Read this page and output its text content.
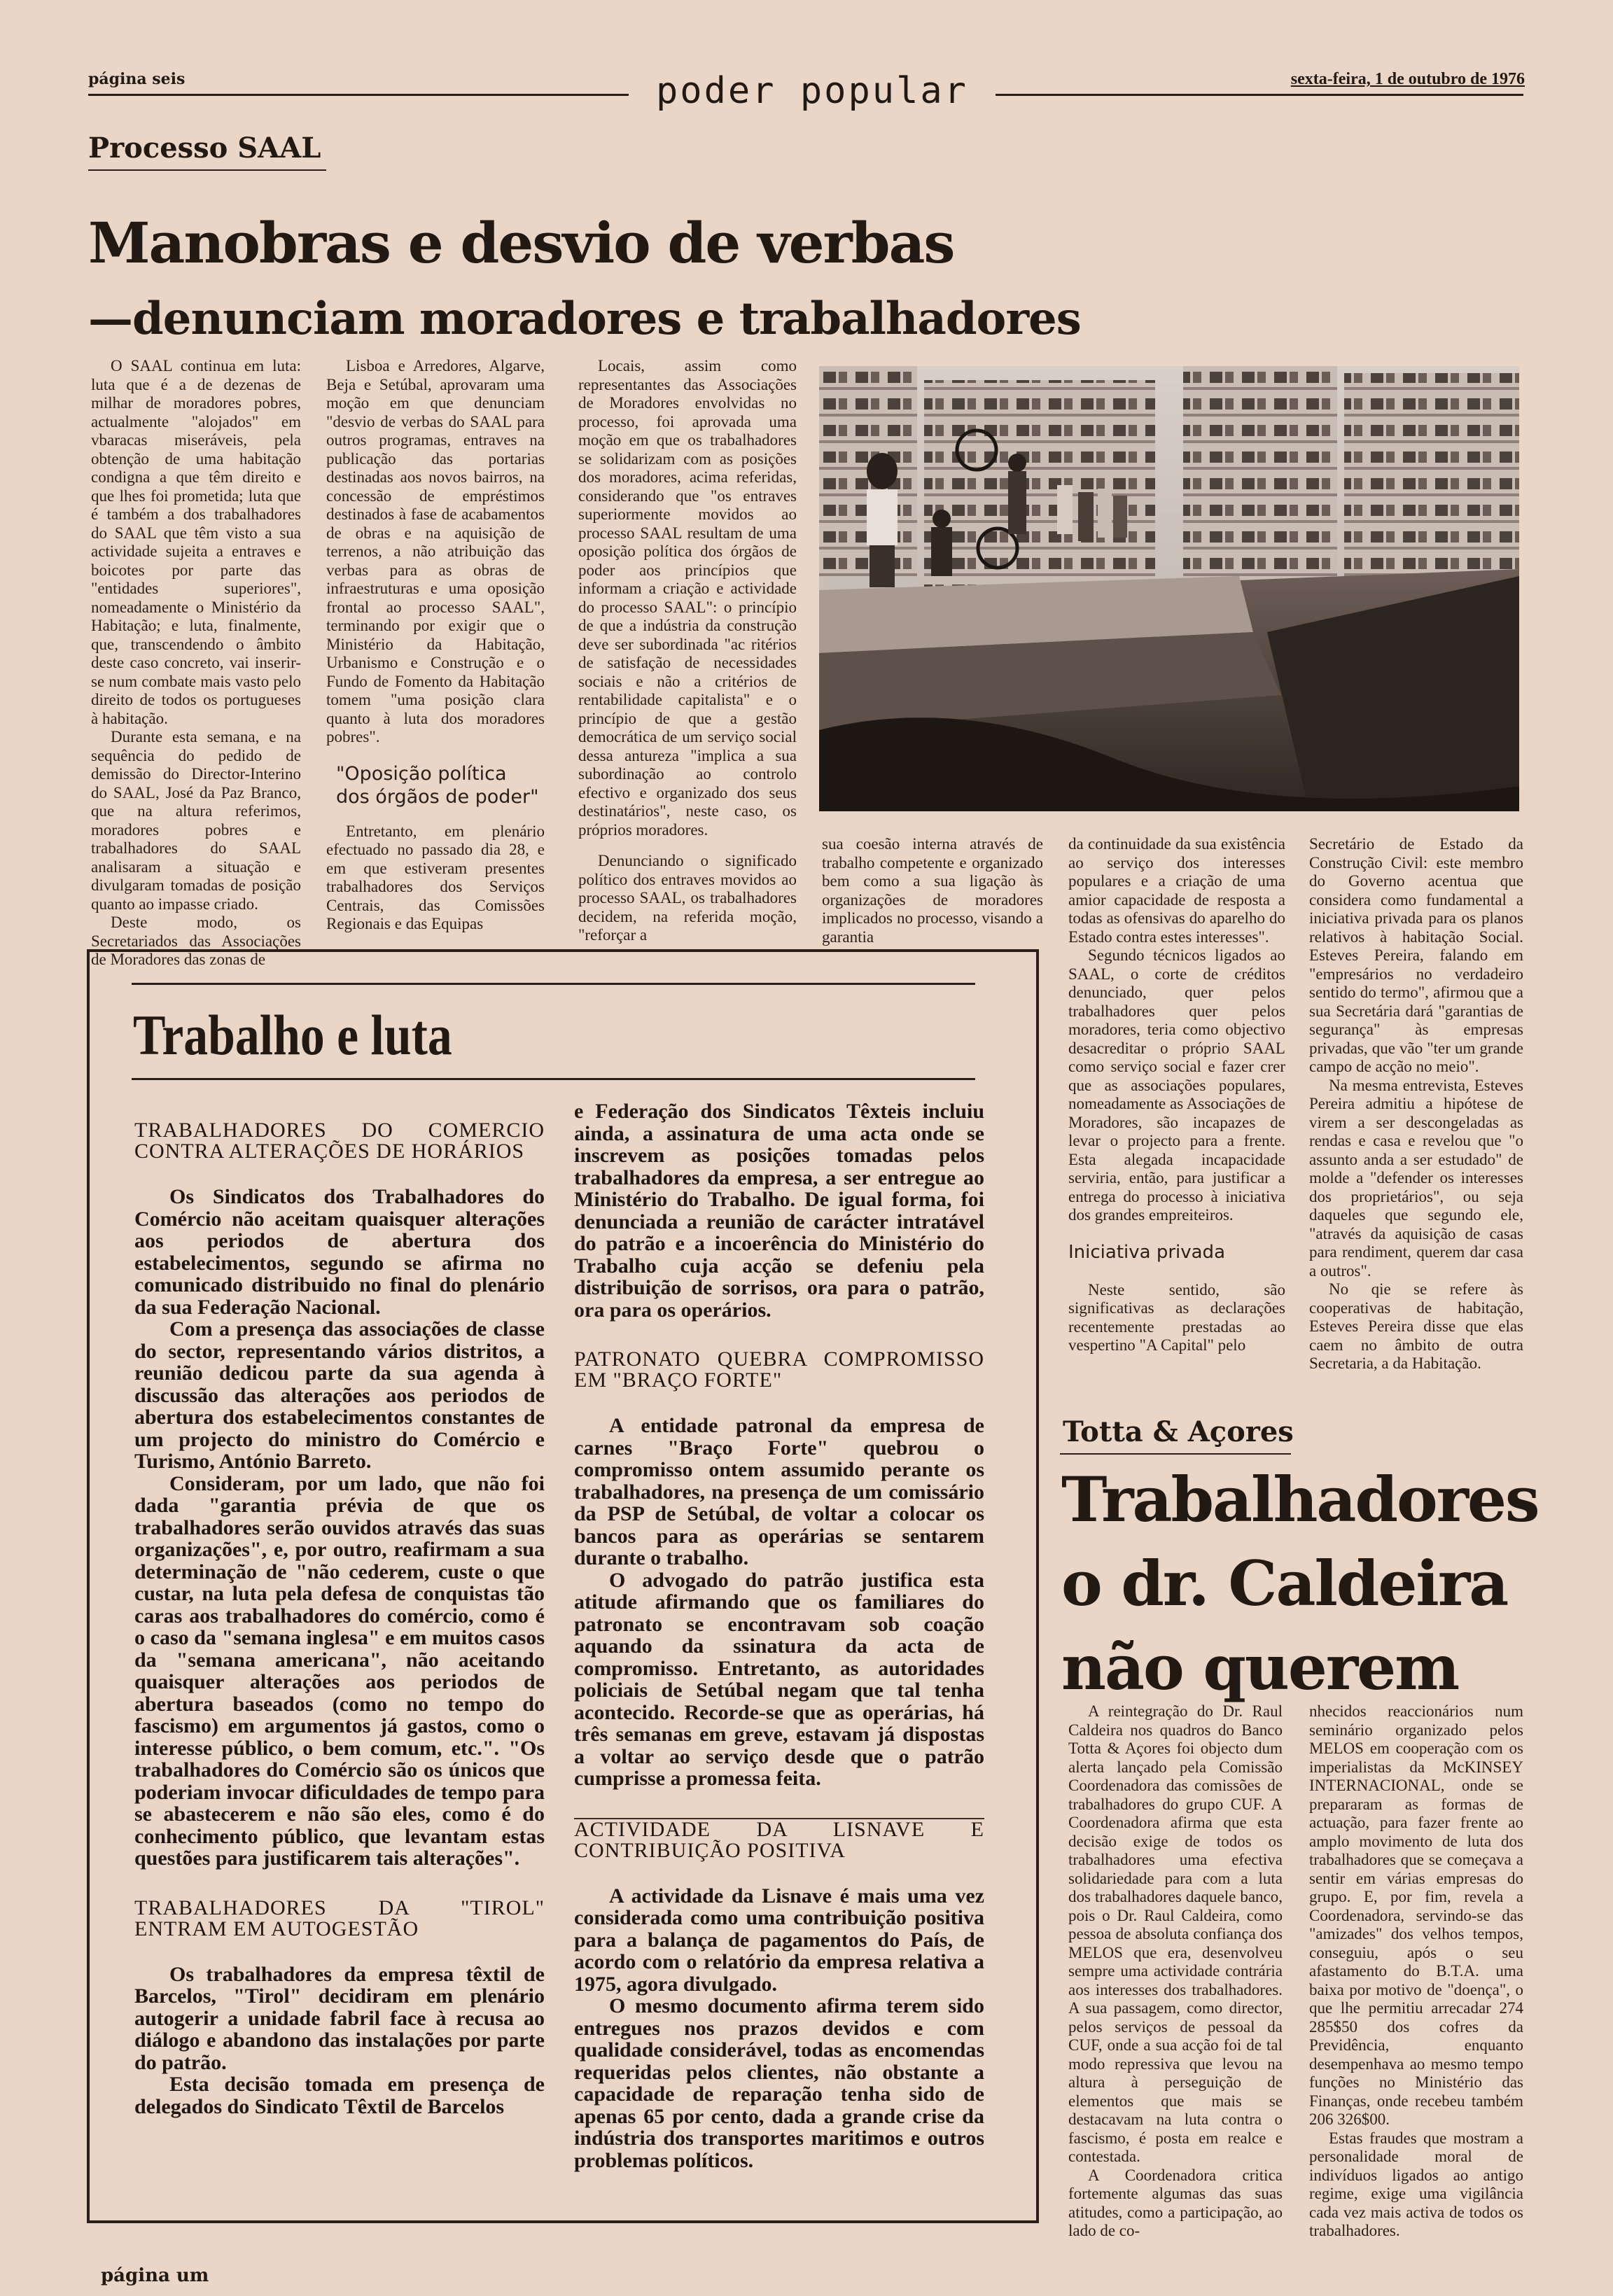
página seis	poder popular	sexta-feira, 1 de outubro de 1976
Processo SAAL
Manobras e desvio de verbas
—denunciam moradores e trabalhadores

O SAAL continua em luta: luta que é a de dezenas de milhar de moradores pobres, actualmente "alojados" em vbaracas miseráveis, pela obtenção de uma habitação condigna a que têm direito e que lhes foi prometida; luta que é também a dos trabalhadores do SAAL que têm visto a sua actividade sujeita a entraves e boicotes por parte das "entidades superiores", nomeadamente o Ministério da Habitação; e luta, finalmente, que, transcendendo o âmbito deste caso concreto, vai inserir-se num combate mais vasto pelo direito de todos os portugueses à habitação.

Durante esta semana, e na sequência do pedido de demissão do Director-Interino do SAAL, José da Paz Branco, que na altura referimos, moradores pobres e trabalhadores do SAAL analisaram a situação e divulgaram tomadas de posição quanto ao impasse criado.

Deste modo, os Secretariados das Associações de Moradores das zonas de

Lisboa e Arredores, Algarve, Beja e Setúbal, aprovaram uma moção em que denunciam "desvio de verbas do SAAL para outros programas, entraves na publicação das portarias destinadas aos novos bairros, na concessão de empréstimos destinados à fase de acabamentos de obras e na aquisição de terrenos, a não atribuição das verbas para as obras de infraestruturas e uma oposição frontal ao processo SAAL", terminando por exigir que o Ministério da Habitação, Urbanismo e Construção e o Fundo de Fomento da Habitação tomem "uma posição clara quanto à luta dos moradores pobres".

"Oposição política dos órgãos de poder"

Entretanto, em plenário efectuado no passado dia 28, e em que estiveram presentes trabalhadores dos Serviços Centrais, das Comissões Regionais e das Equipas

Locais, assim como representantes das Associações de Moradores envolvidas no processo, foi aprovada uma moção em que os trabalhadores se solidarizam com as posições dos moradores, acima referidas, considerando que "os entraves superiormente movidos ao processo SAAL resultam de uma oposição política dos órgãos de poder aos princípios que informam a criação e actividade do processo SAAL": o princípio de que a indústria da construção deve ser subordinada "ac ritérios de satisfação de necessidades sociais e não a critérios de rentabilidade capitalista" e o princípio de que a gestão democrática de um serviço social dessa antureza "implica a sua subordinação ao controlo efectivo e organizado dos seus destinatários", neste caso, os próprios moradores.

Denunciando o significado político dos entraves movidos ao processo SAAL, os trabalhadores decidem, na referida moção, "reforçar a

sua coesão interna através de trabalho competente e organizado bem como a sua ligação às organizações de moradores implicados no processo, visando a garantia

da continuidade da sua existência ao serviço dos interesses populares e a criação de uma amior capacidade de resposta a todas as ofensivas do aparelho do Estado contra estes interesses".

Segundo técnicos ligados ao SAAL, o corte de créditos denunciado, quer pelos trabalhadores quer pelos moradores, teria como objectivo desacreditar o próprio SAAL como serviço social e fazer crer que as associações populares, nomeadamente as Associações de Moradores, são incapazes de levar o projecto para a frente. Esta alegada incapacidade serviria, então, para justificar a entrega do processo à iniciativa dos grandes empreiteiros.

Iniciativa privada

Neste sentido, são significativas as declarações recentemente prestadas ao vespertino "A Capital" pelo

Secretário de Estado da Construção Civil: este membro do Governo acentua que considera como fundamental a iniciativa privada para os planos relativos à habitação Social. Esteves Pereira, falando em "empresários no verdadeiro sentido do termo", afirmou que a sua Secretária dará "garantias de segurança" às empresas privadas, que vão "ter um grande campo de acção no meio".

Na mesma entrevista, Esteves Pereira admitiu a hipótese de virem a ser descongeladas as rendas e casa e revelou que "o assunto anda a ser estudado" de molde a "defender os interesses dos proprietários", ou seja daqueles que segundo ele, "através da aquisição de casas para rendiment, querem dar casa a outros".

No qie se refere às cooperativas de habitação, Esteves Pereira disse que elas caem no âmbito de outra Secretaria, a da Habitação.

Trabalho e luta
TRABALHADORES DO COMERCIO CONTRA ALTERAÇÕES DE HORÁRIOS

Os Sindicatos dos Trabalhadores do Comércio não aceitam quaisquer alterações aos periodos de abertura dos estabelecimentos, segundo se afirma no comunicado distribuido no final do plenário da sua Federação Nacional.

Com a presença das associações de classe do sector, representando vários distritos, a reunião dedicou parte da sua agenda à discussão das alterações aos periodos de abertura dos estabelecimentos constantes de um projecto do ministro do Comércio e Turismo, António Barreto.

Consideram, por um lado, que não foi dada "garantia prévia de que os trabalhadores serão ouvidos através das suas organizações", e, por outro, reafirmam a sua determinação de "não cederem, custe o que custar, na luta pela defesa de conquistas tão caras aos trabalhadores do comércio, como é o caso da "semana inglesa" e em muitos casos da "semana americana", não aceitando quaisquer alterações aos periodos de abertura baseados (como no tempo do fascismo) em argumentos já gastos, como o interesse público, o bem comum, etc.". "Os trabalhadores do Comércio são os únicos que poderiam invocar dificuldades de tempo para se abastecerem e não são eles, como é do conhecimento público, que levantam estas questões para justificarem tais alterações".

TRABALHADORES DA "TIROL" ENTRAM EM AUTOGESTÃO

Os trabalhadores da empresa têxtil de Barcelos, "Tirol" decidiram em plenário autogerir a unidade fabril face à recusa ao diálogo e abandono das instalações por parte do patrão.

Esta decisão tomada em presença de delegados do Sindicato Têxtil de Barcelos

e Federação dos Sindicatos Têxteis incluiu ainda, a assinatura de uma acta onde se inscrevem as posições tomadas pelos trabalhadores da empresa, a ser entregue ao Ministério do Trabalho. De igual forma, foi denunciada a reunião de carácter intratável do patrão e a incoerência do Ministério do Trabalho cuja acção se defeniu pela distribuição de sorrisos, ora para o patrão, ora para os operários.

PATRONATO QUEBRA COMPROMISSO EM "BRAÇO FORTE"

A entidade patronal da empresa de carnes "Braço Forte" quebrou o compromisso ontem assumido perante os trabalhadores, na presença de um comissário da PSP de Setúbal, de voltar a colocar os bancos para as operárias se sentarem durante o trabalho.

O advogado do patrão justifica esta atitude afirmando que os familiares do patronato se encontravam sob coação aquando da ssinatura da acta de compromisso. Entretanto, as autoridades policiais de Setúbal negam que tal tenha acontecido. Recorde-se que as operárias, há três semanas em greve, estavam já dispostas a voltar ao serviço desde que o patrão cumprisse a promessa feita.

ACTIVIDADE DA LISNAVE E CONTRIBUIÇÃO POSITIVA

A actividade da Lisnave é mais uma vez considerada como uma contribuição positiva para a balança de pagamentos do País, de acordo com o relatório da empresa relativa a 1975, agora divulgado.

O mesmo documento afirma terem sido entregues nos prazos devidos e com qualidade considerável, todas as encomendas requeridas pelos clientes, não obstante a capacidade de reparação tenha sido de apenas 65 por cento, dada a grande crise da indústria dos transportes maritimos e outros problemas políticos.

Totta & Açores
Trabalhadores
o dr. Caldeira
não querem

A reintegração do Dr. Raul Caldeira nos quadros do Banco Totta & Açores foi objecto dum alerta lançado pela Comissão Coordenadora das comissões de trabalhadores do grupo CUF. A Coordenadora afirma que esta decisão exige de todos os trabalhadores uma efectiva solidariedade para com a luta dos trabalhadores daquele banco, pois o Dr. Raul Caldeira, como pessoa de absoluta confiança dos MELOS que era, desenvolveu sempre uma actividade contrária aos interesses dos trabalhadores. A sua passagem, como director, pelos serviços de pessoal da CUF, onde a sua acção foi de tal modo repressiva que levou na altura à perseguição de elementos que mais se destacavam na luta contra o fascismo, é posta em realce e contestada.

A Coordenadora critica fortemente algumas das suas atitudes, como a participação, ao lado de co-

nhecidos reaccionários num seminário organizado pelos MELOS em cooperação com os imperialistas da McKINSEY INTERNACIONAL, onde se prepararam as formas de actuação, para fazer frente ao amplo movimento de luta dos trabalhadores que se começava a sentir em várias empresas do grupo. E, por fim, revela a Coordenadora, servindo-se das "amizades" dos velhos tempos, conseguiu, após o seu afastamento do B.T.A. uma baixa por motivo de "doença", o que lhe permitiu arrecadar 274 285$50 dos cofres da Previdência, enquanto desempenhava ao mesmo tempo funções no Ministério das Finanças, onde recebeu também 206 326$00.

Estas fraudes que mostram a personalidade moral de indivíduos ligados ao antigo regime, exige uma vigilância cada vez mais activa de todos os trabalhadores.

página um
